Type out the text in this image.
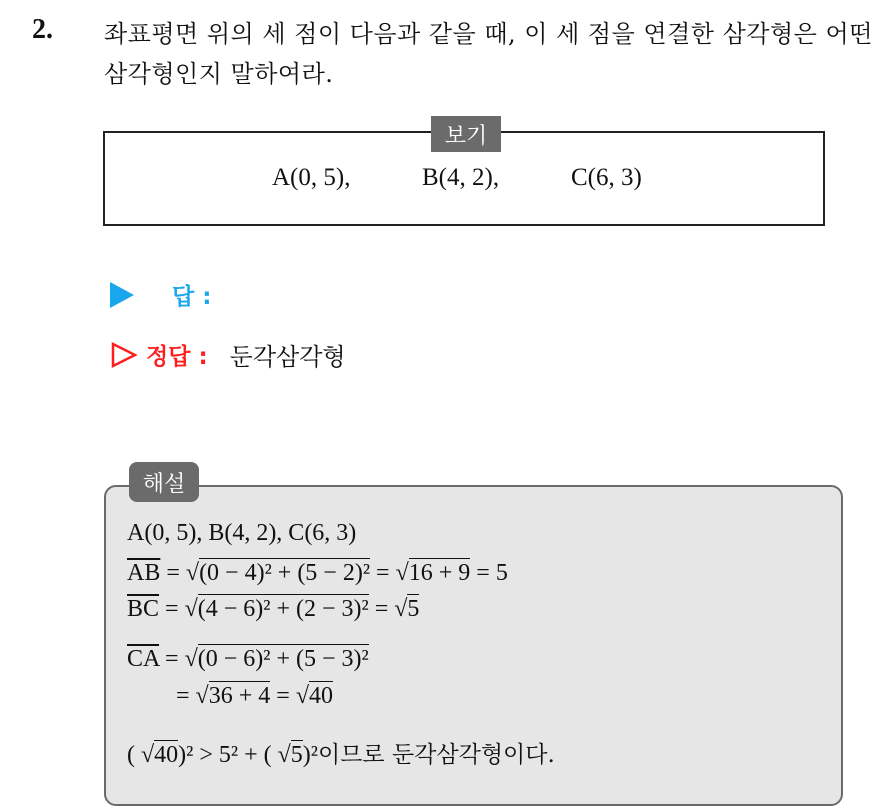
2. 좌표평면 위의 세 점이 다음과 같을 때, 이 세 점을 연결한 삼각형은 어떤 삼각형인지 말하여라.
보기
A(0, 5),	B(4, 2),	C(6, 3)
답 :
정답 : 둔각삼각형
해설
A(0, 5), B(4, 2), C(6, 3)
$\overline{AB} = √(0 - 4)^2 + (5 - 2)^2 = √16 + 9 = 5$
$\overline{BC} = √(4 - 6)^2 + (2 - 3)^2 = √5$
$\overline{CA} = √(0 - 6)^2 + (5 - 3)^2$
= √36 + 4 = √40
( √40)² > 5² + ( √5)²이므로 둔각삼각형이다.
